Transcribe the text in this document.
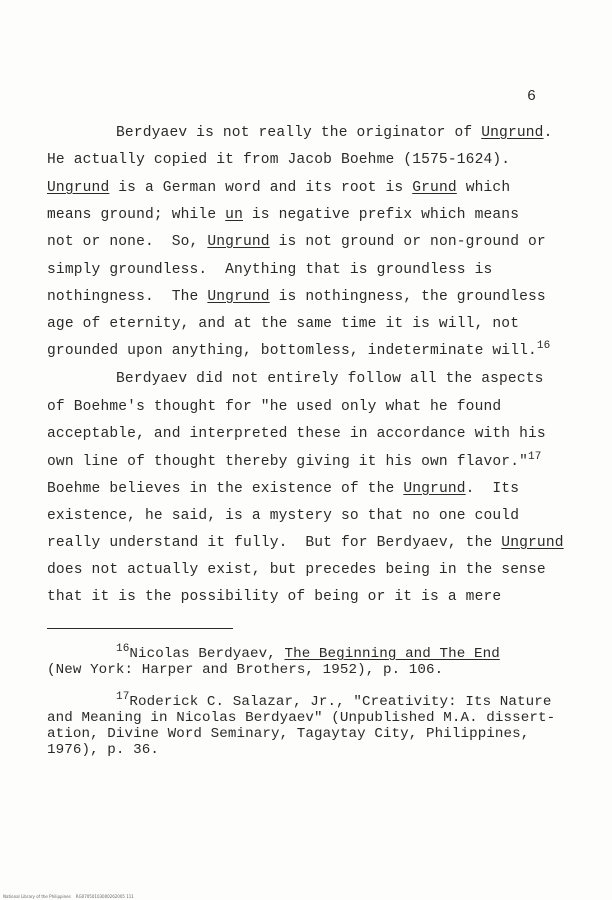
6
Berdyaev is not really the originator of Ungrund.
He actually copied it from Jacob Boehme (1575-1624).
Ungrund is a German word and its root is Grund which
means ground; while un is negative prefix which means
not or none.  So, Ungrund is not ground or non-ground or
simply groundless.  Anything that is groundless is
nothingness.  The Ungrund is nothingness, the groundless
age of eternity, and at the same time it is will, not
grounded upon anything, bottomless, indeterminate will.$^{16}$
Berdyaev did not entirely follow all the aspects
of Boehme's thought for "he used only what he found
acceptable, and interpreted these in accordance with his
own line of thought thereby giving it his own flavor."$^{17}$
Boehme believes in the existence of the Ungrund.  Its
existence, he said, is a mystery so that no one could
really understand it fully.  But for Berdyaev, the Ungrund
does not actually exist, but precedes being in the sense
that it is the possibility of being or it is a mere
$^{16}$Nicolas Berdyaev, The Beginning and The End
(New York: Harper and Brothers, 1952), p. 106.
$^{17}$Roderick C. Salazar, Jr., "Creativity: Its Nature
and Meaning in Nicolas Berdyaev" (Unpublished M.A. dissert-
ation, Divine Word Seminary, Tagaytay City, Philippines,
1976), p. 36.
National Library of the Philippines    RG07050103000262005 111
